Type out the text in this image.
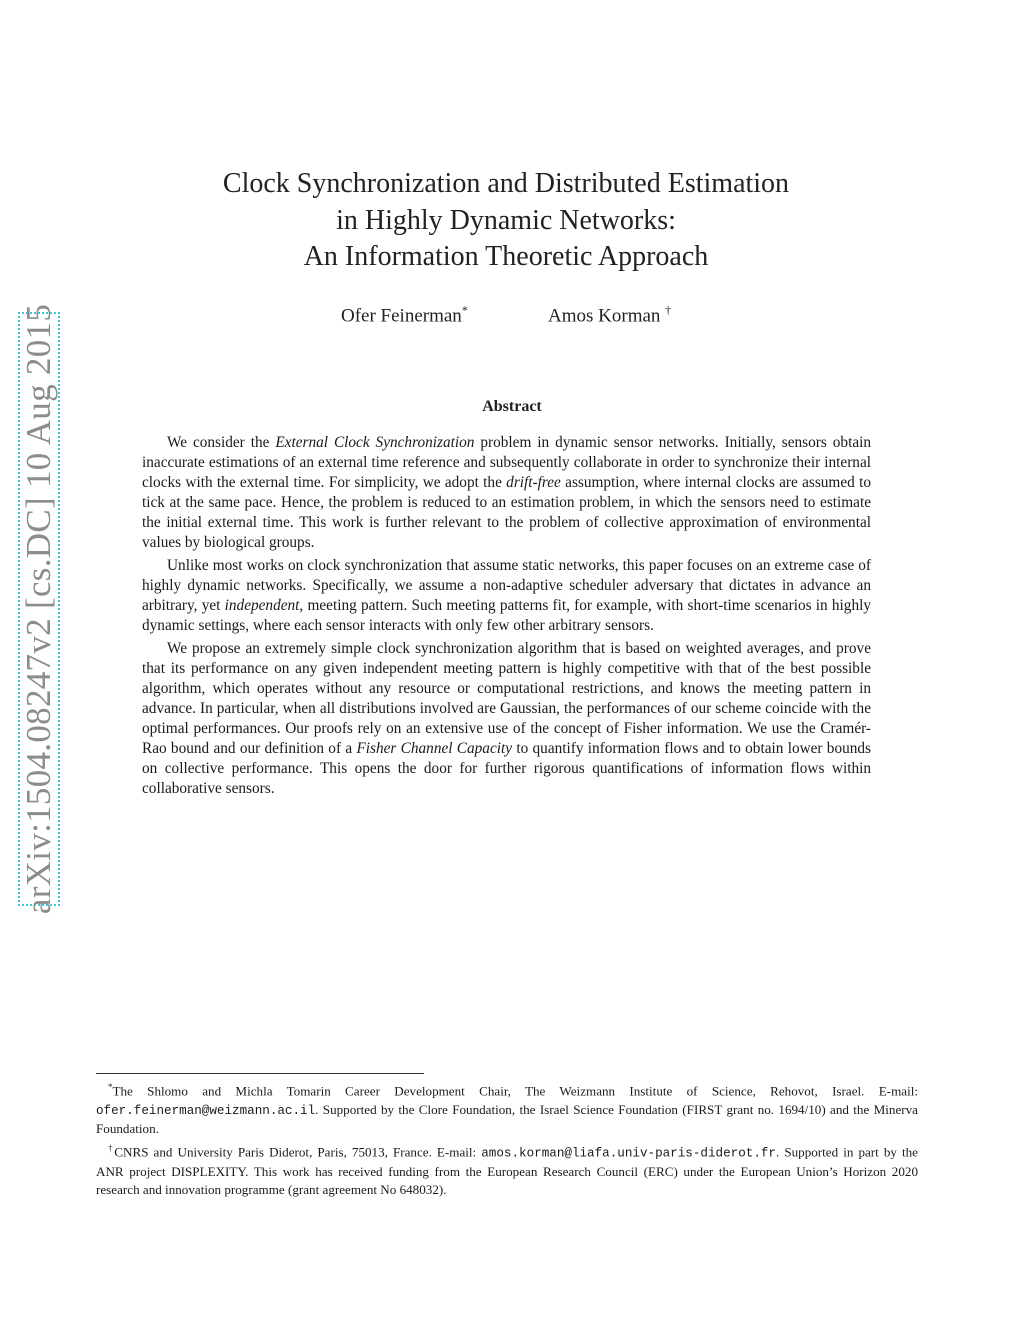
arXiv:1504.08247v2 [cs.DC] 10 Aug 2015
Clock Synchronization and Distributed Estimation
in Highly Dynamic Networks:
An Information Theoretic Approach
Ofer Feinerman*	Amos Korman †
Abstract

We consider the External Clock Synchronization problem in dynamic sensor networks. Initially, sensors obtain inaccurate estimations of an external time reference and subsequently collaborate in order to synchronize their internal clocks with the external time. For simplicity, we adopt the drift-free assumption, where internal clocks are assumed to tick at the same pace. Hence, the problem is reduced to an estimation problem, in which the sensors need to estimate the initial external time. This work is further relevant to the problem of collective approximation of environmental values by biological groups.

Unlike most works on clock synchronization that assume static networks, this paper focuses on an extreme case of highly dynamic networks. Specifically, we assume a non-adaptive scheduler adversary that dictates in advance an arbitrary, yet independent, meeting pattern. Such meeting patterns fit, for example, with short-time scenarios in highly dynamic settings, where each sensor interacts with only few other arbitrary sensors.

We propose an extremely simple clock synchronization algorithm that is based on weighted averages, and prove that its performance on any given independent meeting pattern is highly competitive with that of the best possible algorithm, which operates without any resource or computational restrictions, and knows the meeting pattern in advance. In particular, when all distributions involved are Gaussian, the performances of our scheme coincide with the optimal performances. Our proofs rely on an extensive use of the concept of Fisher information. We use the Cramér-Rao bound and our definition of a Fisher Channel Capacity to quantify information flows and to obtain lower bounds on collective performance. This opens the door for further rigorous quantifications of information flows within collaborative sensors.

*The Shlomo and Michla Tomarin Career Development Chair, The Weizmann Institute of Science, Rehovot, Israel. E-mail: ofer.feinerman@weizmann.ac.il. Supported by the Clore Foundation, the Israel Science Foundation (FIRST grant no. 1694/10) and the Minerva Foundation.

†CNRS and University Paris Diderot, Paris, 75013, France. E-mail: amos.korman@liafa.univ-paris-diderot.fr. Supported in part by the ANR project DISPLEXITY. This work has received funding from the European Research Council (ERC) under the European Union’s Horizon 2020 research and innovation programme (grant agreement No 648032).
